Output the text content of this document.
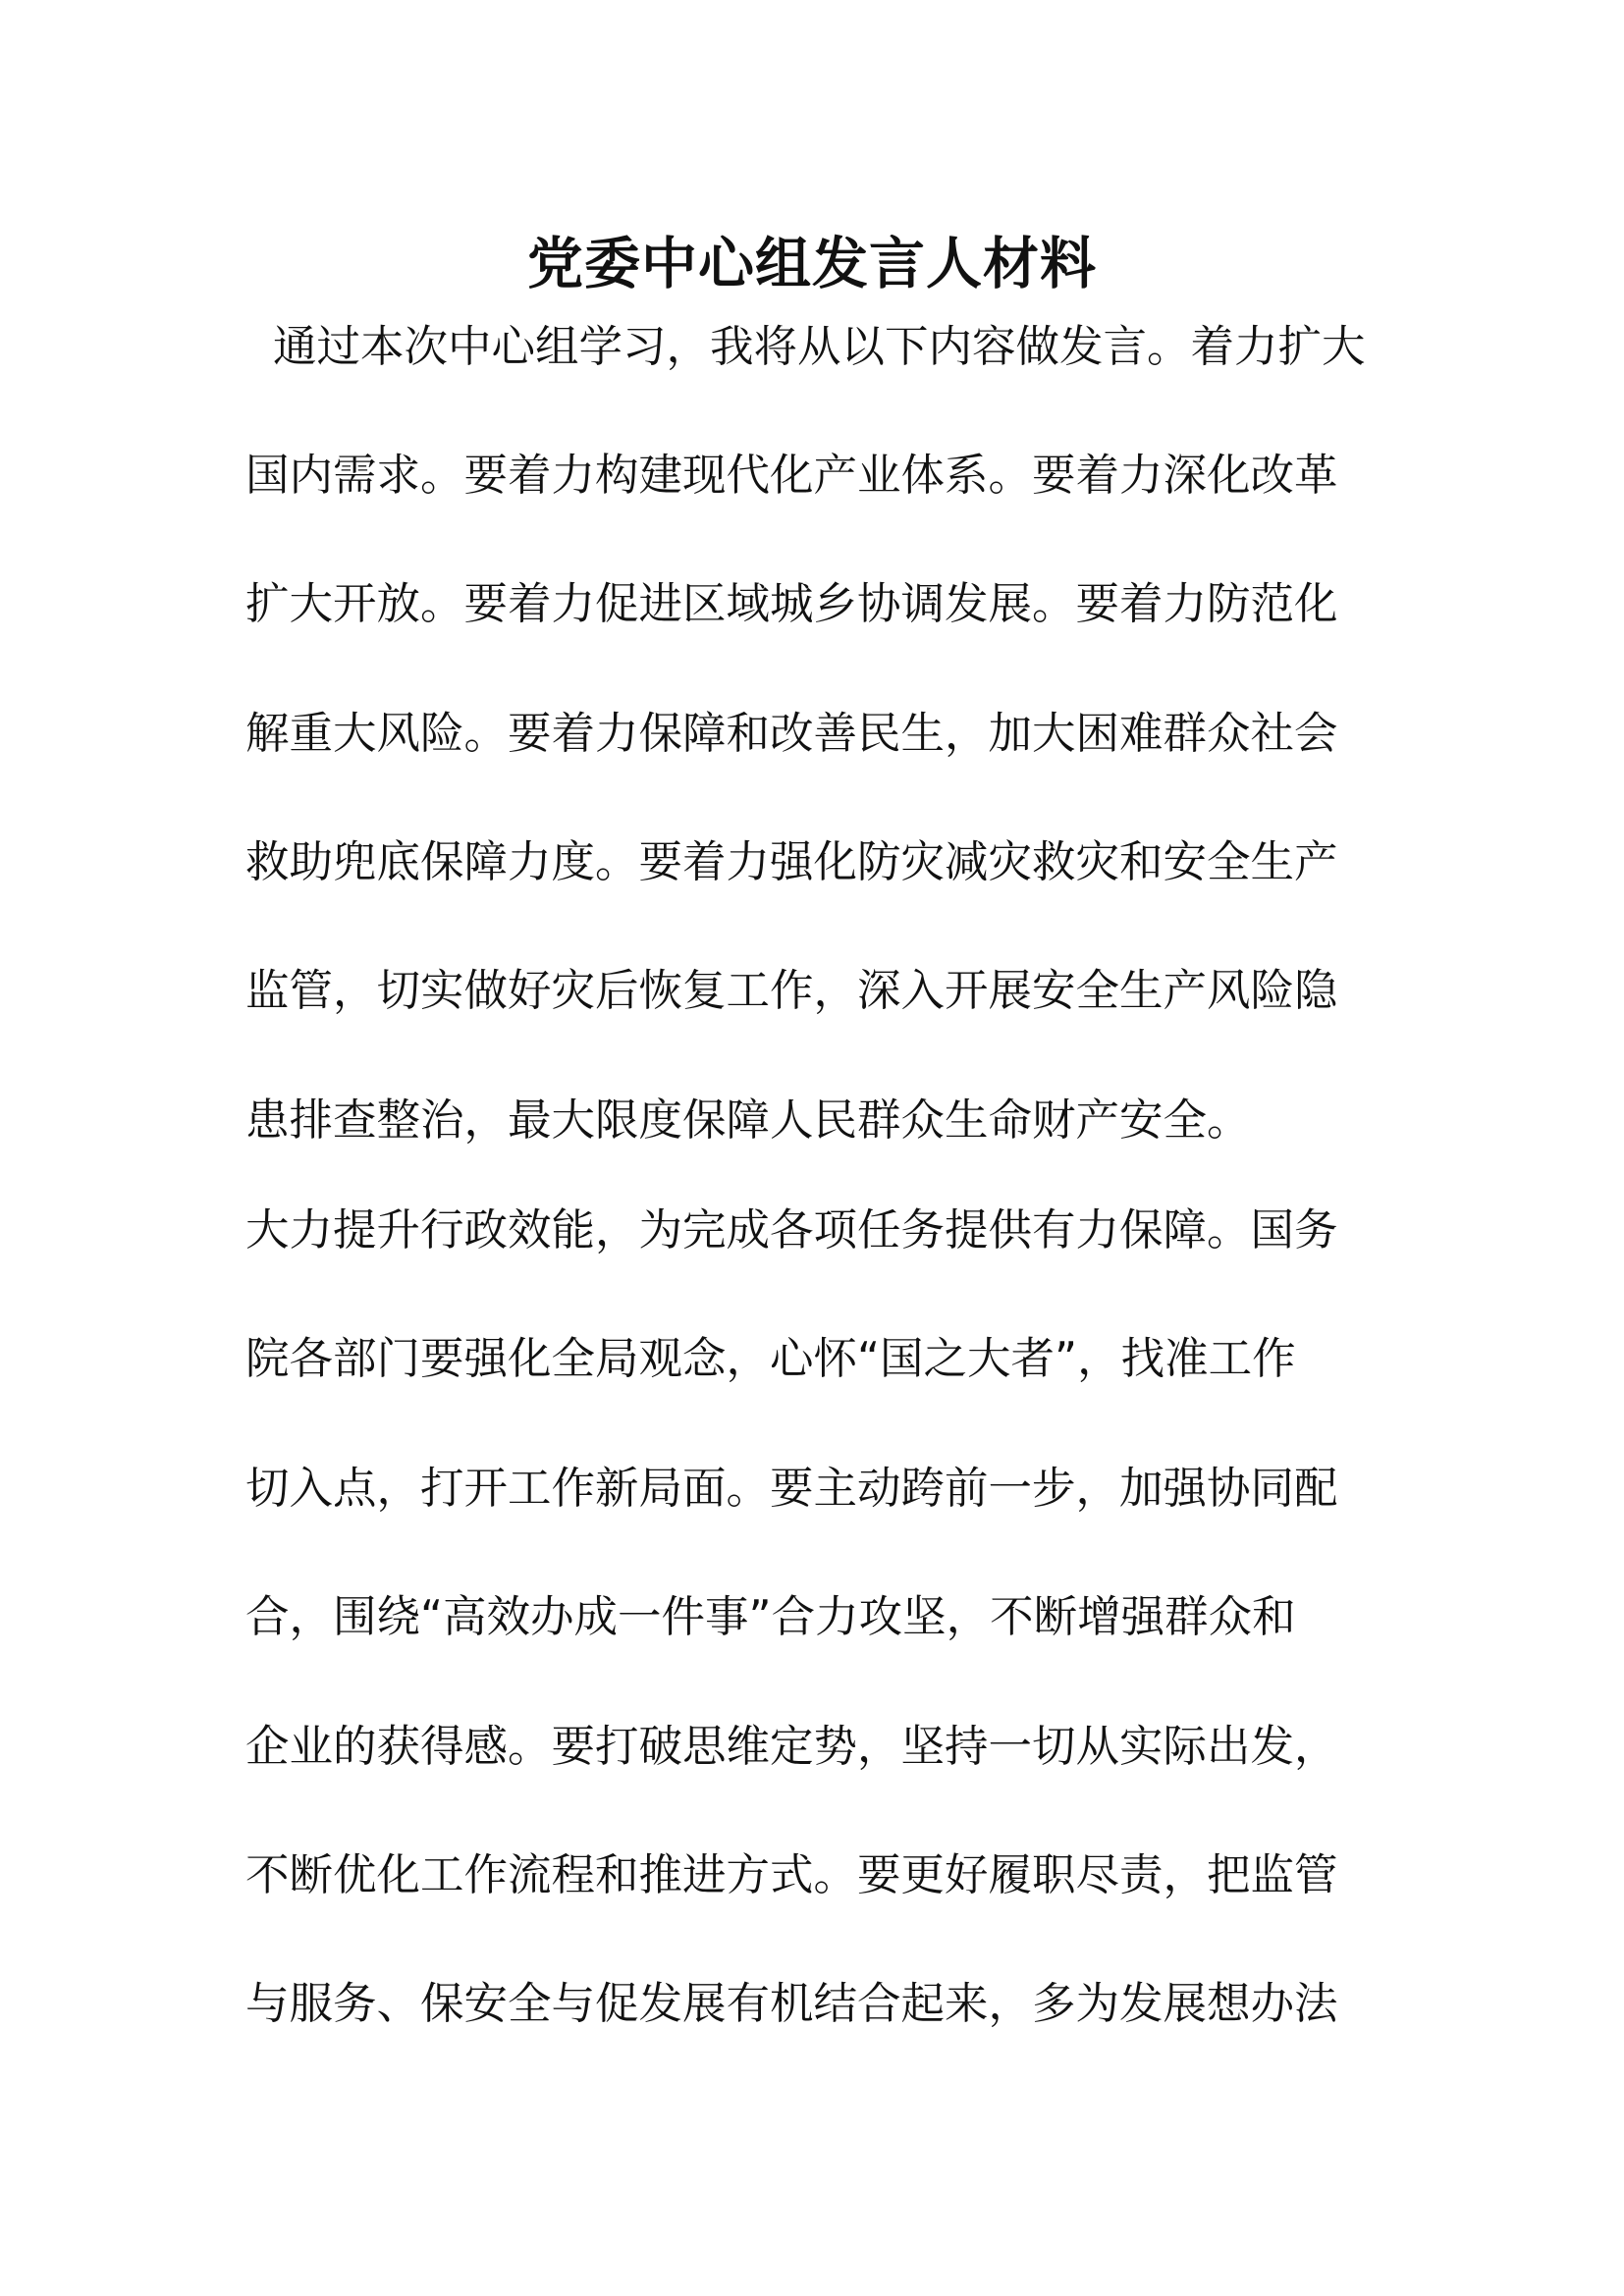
党委中心组发言人材料
通过本次中心组学习，我将从以下内容做发言。着力扩大
国内需求。要着力构建现代化产业体系。要着力深化改革
扩大开放。要着力促进区域城乡协调发展。要着力防范化
解重大风险。要着力保障和改善民生，加大困难群众社会
救助兜底保障力度。要着力强化防灾减灾救灾和安全生产
监管，切实做好灾后恢复工作，深入开展安全生产风险隐
患排查整治，最大限度保障人民群众生命财产安全。
大力提升行政效能，为完成各项任务提供有力保障。国务
院各部门要强化全局观念，心怀“国之大者”，找准工作
切入点，打开工作新局面。要主动跨前一步，加强协同配
合，围绕“高效办成一件事”合力攻坚，不断增强群众和
企业的获得感。要打破思维定势，坚持一切从实际出发，
不断优化工作流程和推进方式。要更好履职尽责，把监管
与服务、保安全与促发展有机结合起来，多为发展想办法
